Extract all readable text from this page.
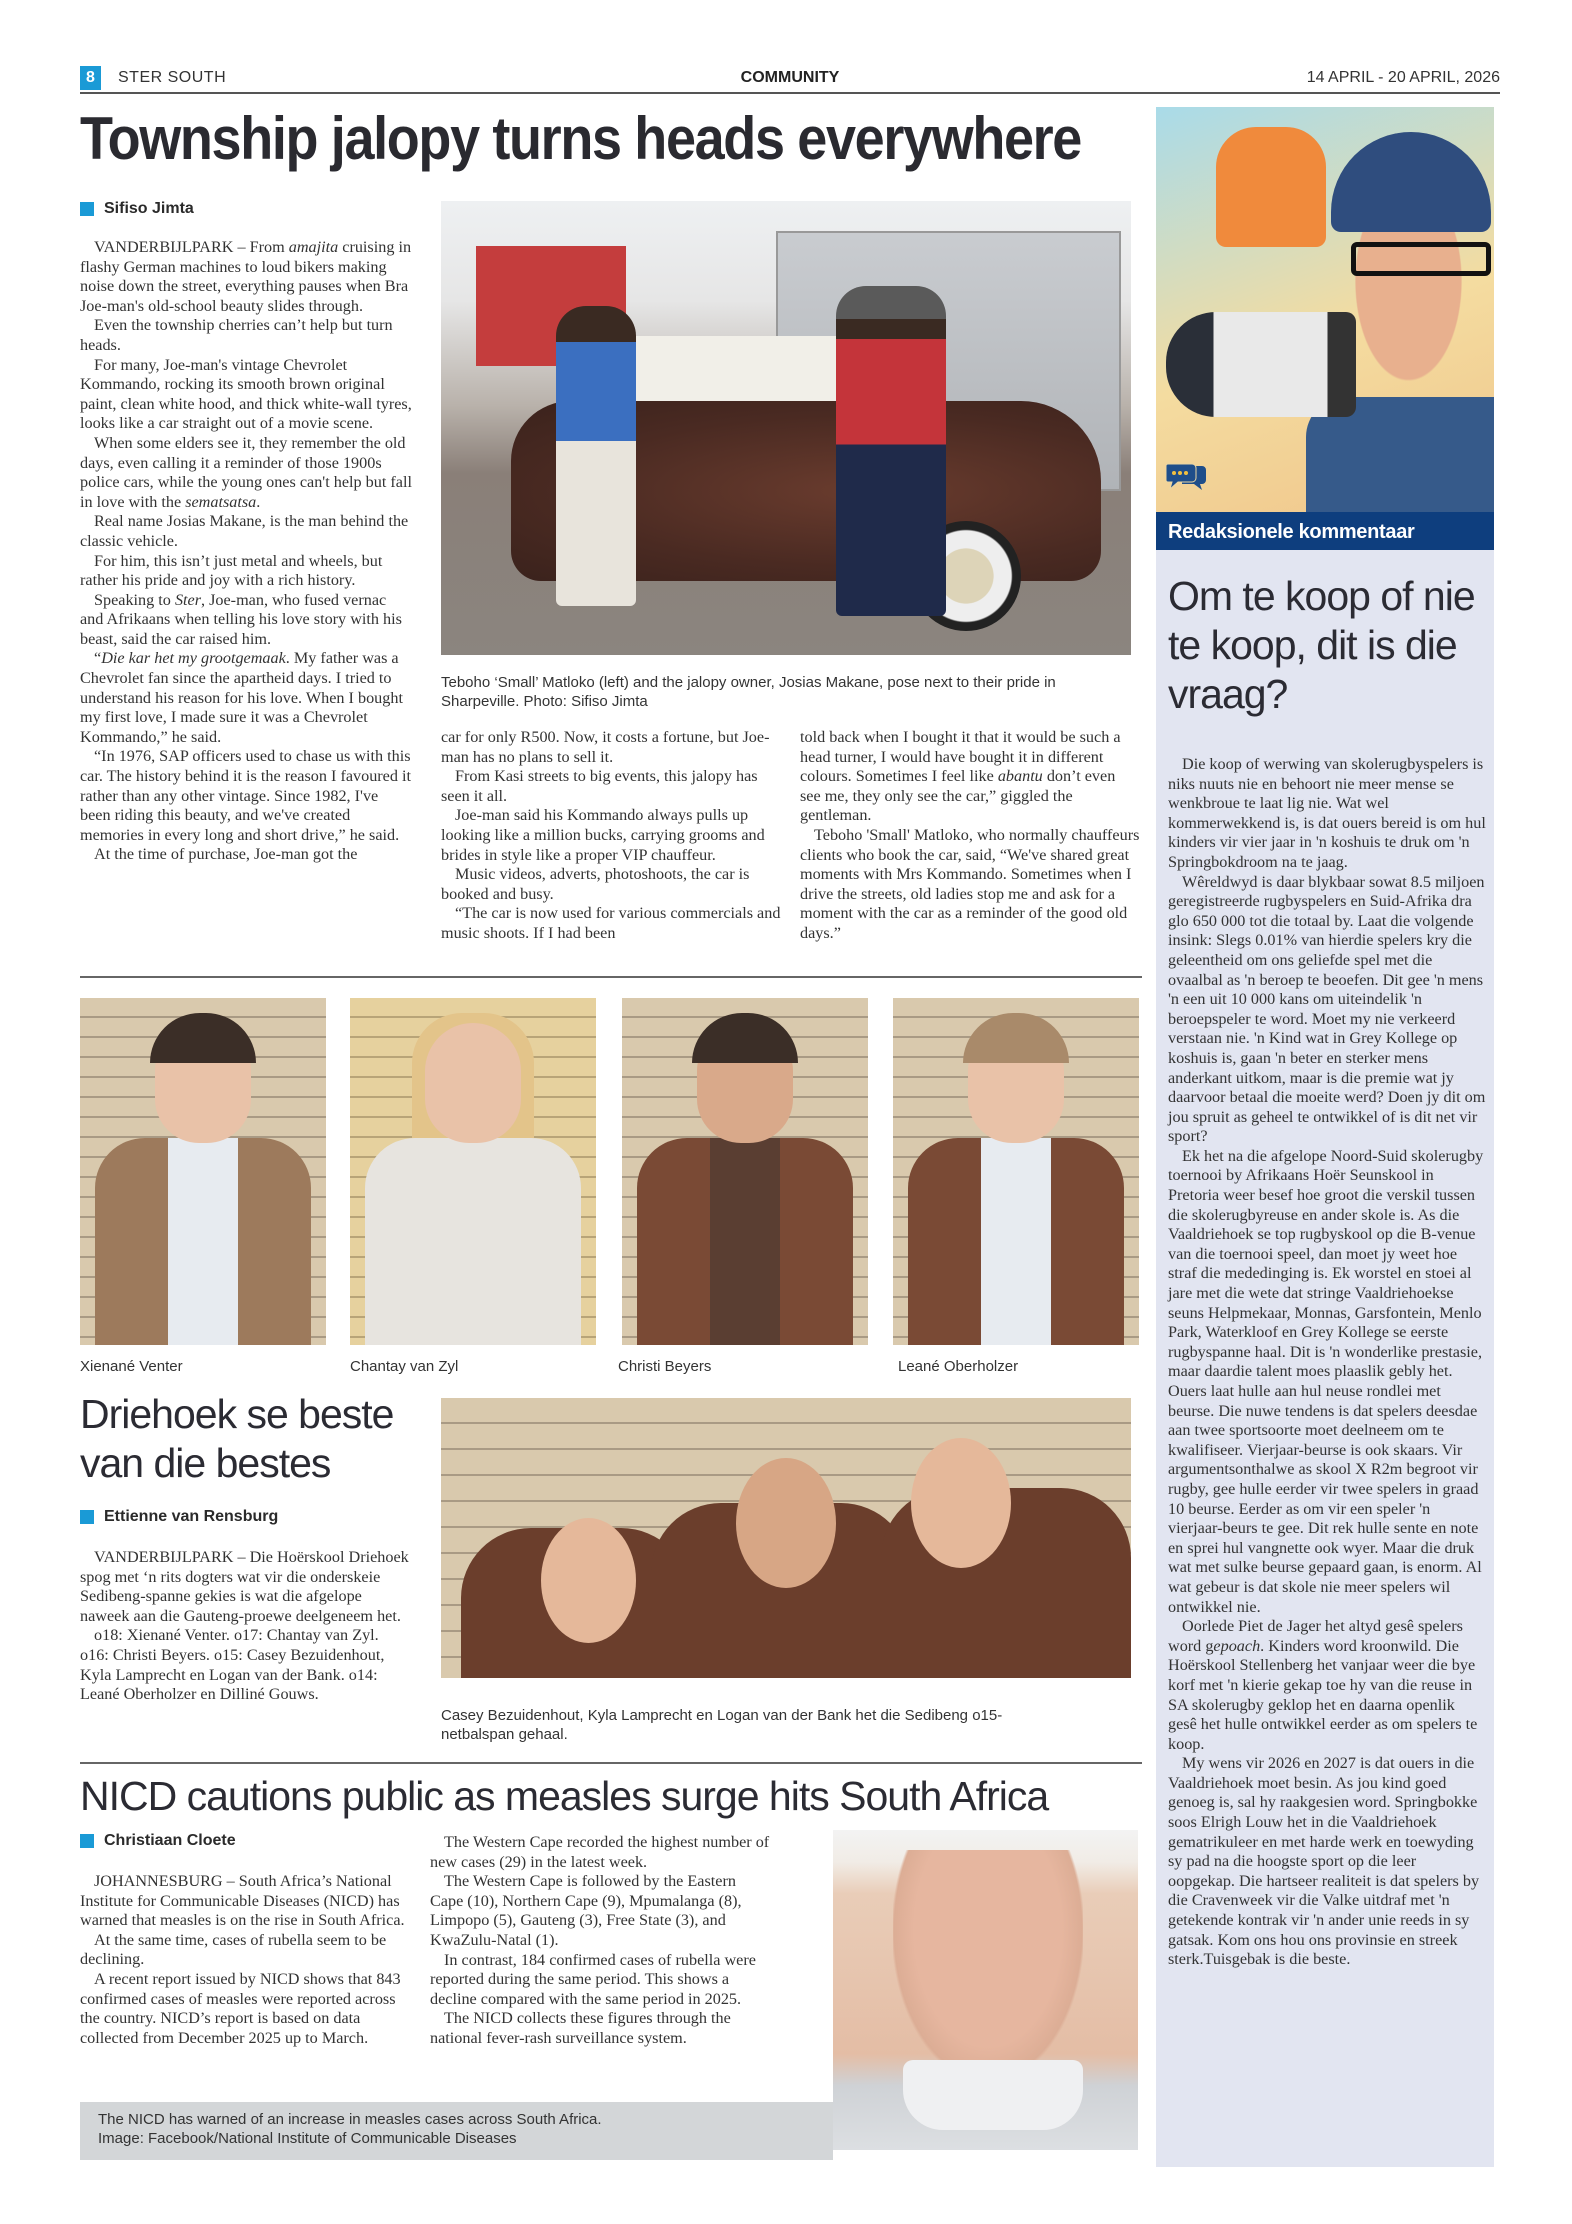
8	STER SOUTH	COMMUNITY	14 APRIL - 20 APRIL, 2026
Township jalopy turns heads everywhere
Sifiso Jimta

VANDERBIJLPARK – From amajita cruising in flashy German machines to loud bikers making noise down the street, everything pauses when Bra Joe-man's old-school beauty slides through.

Even the township cherries can’t help but turn heads.

For many, Joe-man's vintage Chevrolet Kommando, rocking its smooth brown original paint, clean white hood, and thick white-wall tyres, looks like a car straight out of a movie scene.

When some elders see it, they remember the old days, even calling it a reminder of those 1900s police cars, while the young ones can't help but fall in love with the sematsatsa.

Real name Josias Makane, is the man behind the classic vehicle.

For him, this isn’t just metal and wheels, but rather his pride and joy with a rich history.

Speaking to Ster, Joe-man, who fused vernac and Afrikaans when telling his love story with his beast, said the car raised him.

“Die kar het my grootgemaak. My father was a Chevrolet fan since the apartheid days. I tried to understand his reason for his love. When I bought my first love, I made sure it was a Chevrolet Kommando,” he said.

“In 1976, SAP officers used to chase us with this car. The history behind it is the reason I favoured it rather than any other vintage. Since 1982, I've been riding this beauty, and we've created memories in every long and short drive,” he said.

At the time of purchase, Joe-man got the

Teboho ‘Small’ Matloko (left) and the jalopy owner, Josias Makane, pose next to their pride in
Sharpeville. Photo: Sifiso Jimta

car for only R500. Now, it costs a fortune, but Joe-man has no plans to sell it.

From Kasi streets to big events, this jalopy has seen it all.

Joe-man said his Kommando always pulls up looking like a million bucks, carrying grooms and brides in style like a proper VIP chauffeur.

Music videos, adverts, photoshoots, the car is booked and busy.

“The car is now used for various commercials and music shoots. If I had been

told back when I bought it that it would be such a head turner, I would have bought it in different colours. Sometimes I feel like abantu don’t even see me, they only see the car,” giggled the gentleman.

Teboho 'Small' Matloko, who normally chauffeurs clients who book the car, said, “We've shared great moments with Mrs Kommando. Sometimes when I drive the streets, old ladies stop me and ask for a moment with the car as a reminder of the good old days.”

Redaksionele kommentaar
Om te koop of nie te koop, dit is die vraag?

Die koop of werwing van skolerugbyspelers is niks nuuts nie en behoort nie meer mense se wenkbroue te laat lig nie. Wat wel kommerwekkend is, is dat ouers bereid is om hul kinders vir vier jaar in 'n koshuis te druk om 'n Springbokdroom na te jaag.

Wêreldwyd is daar blykbaar sowat 8.5 miljoen geregistreerde rugbyspelers en Suid-Afrika dra glo 650 000 tot die totaal by. Laat die volgende insink: Slegs 0.01% van hierdie spelers kry die geleentheid om ons geliefde spel met die ovaalbal as 'n beroep te beoefen. Dit gee 'n mens 'n een uit 10 000 kans om uiteindelik 'n beroepspeler te word. Moet my nie verkeerd verstaan nie. 'n Kind wat in Grey Kollege op koshuis is, gaan 'n beter en sterker mens anderkant uitkom, maar is die premie wat jy daarvoor betaal die moeite werd? Doen jy dit om jou spruit as geheel te ontwikkel of is dit net vir sport?

Ek het na die afgelope Noord-Suid skolerugby toernooi by Afrikaans Hoër Seunskool in Pretoria weer besef hoe groot die verskil tussen die skolerugbyreuse en ander skole is. As die Vaaldriehoek se top rugbyskool op die B-venue van die toernooi speel, dan moet jy weet hoe straf die mededinging is. Ek worstel en stoei al jare met die wete dat stringe Vaaldriehoekse seuns Helpmekaar, Monnas, Garsfontein, Menlo Park, Waterkloof en Grey Kollege se eerste rugbyspanne haal. Dit is 'n wonderlike prestasie, maar daardie talent moes plaaslik gebly het. Ouers laat hulle aan hul neuse rondlei met beurse. Die nuwe tendens is dat spelers deesdae aan twee sportsoorte moet deelneem om te kwalifiseer. Vierjaar-beurse is ook skaars. Vir argumentsonthalwe as skool X R2m begroot vir rugby, gee hulle eerder vir twee spelers in graad 10 beurse. Eerder as om vir een speler 'n vierjaar-beurs te gee. Dit rek hulle sente en note en sprei hul vangnette ook wyer. Maar die druk wat met sulke beurse gepaard gaan, is enorm. Al wat gebeur is dat skole nie meer spelers wil ontwikkel nie.

Oorlede Piet de Jager het altyd gesê spelers word gepoach. Kinders word kroonwild. Die Hoërskool Stellenberg het vanjaar weer die bye korf met 'n kierie gekap toe hy van die reuse in SA skolerugby geklop het en daarna openlik gesê het hulle ontwikkel eerder as om spelers te koop.

My wens vir 2026 en 2027 is dat ouers in die Vaaldriehoek moet besin. As jou kind goed genoeg is, sal hy raakgesien word. Springbokke soos Elrigh Louw het in die Vaaldriehoek gematrikuleer en met harde werk en toewyding sy pad na die hoogste sport op die leer oopgekap. Die hartseer realiteit is dat spelers by die Cravenweek vir die Valke uitdraf met 'n getekende kontrak vir 'n ander unie reeds in sy gatsak. Kom ons hou ons provinsie en streek sterk.Tuisgebak is die beste.

Xienané Venter	Chantay van Zyl	Christi Beyers	Leané Oberholzer
Driehoek se beste
van die bestes
Ettienne van Rensburg

VANDERBIJLPARK – Die Hoërskool Driehoek spog met ‘n rits dogters wat vir die onderskeie Sedibeng-spanne gekies is wat die afgelope naweek aan die Gauteng-proewe deelgeneem het.

o18: Xienané Venter. o17: Chantay van Zyl. o16: Christi Beyers. o15: Casey Bezuidenhout, Kyla Lamprecht en Logan van der Bank. o14: Leané Oberholzer en Dilliné Gouws.

Casey Bezuidenhout, Kyla Lamprecht en Logan van der Bank het die Sedibeng o15-
netbalspan gehaal.
NICD cautions public as measles surge hits South Africa
Christiaan Cloete

JOHANNESBURG – South Africa’s National Institute for Communicable Diseases (NICD) has warned that measles is on the rise in South Africa.

At the same time, cases of rubella seem to be declining.

A recent report issued by NICD shows that 843 confirmed cases of measles were reported across the country. NICD’s report is based on data collected from December 2025 up to March.

The Western Cape recorded the highest number of new cases (29) in the latest week.

The Western Cape is followed by the Eastern Cape (10), Northern Cape (9), Mpumalanga (8), Limpopo (5), Gauteng (3), Free State (3), and KwaZulu-Natal (1).

In contrast, 184 confirmed cases of rubella were reported during the same period. This shows a decline compared with the same period in 2025.

The NICD collects these figures through the national fever-rash surveillance system.

The NICD has warned of an increase in measles cases across South Africa.
Image: Facebook/National Institute of Communicable Diseases
